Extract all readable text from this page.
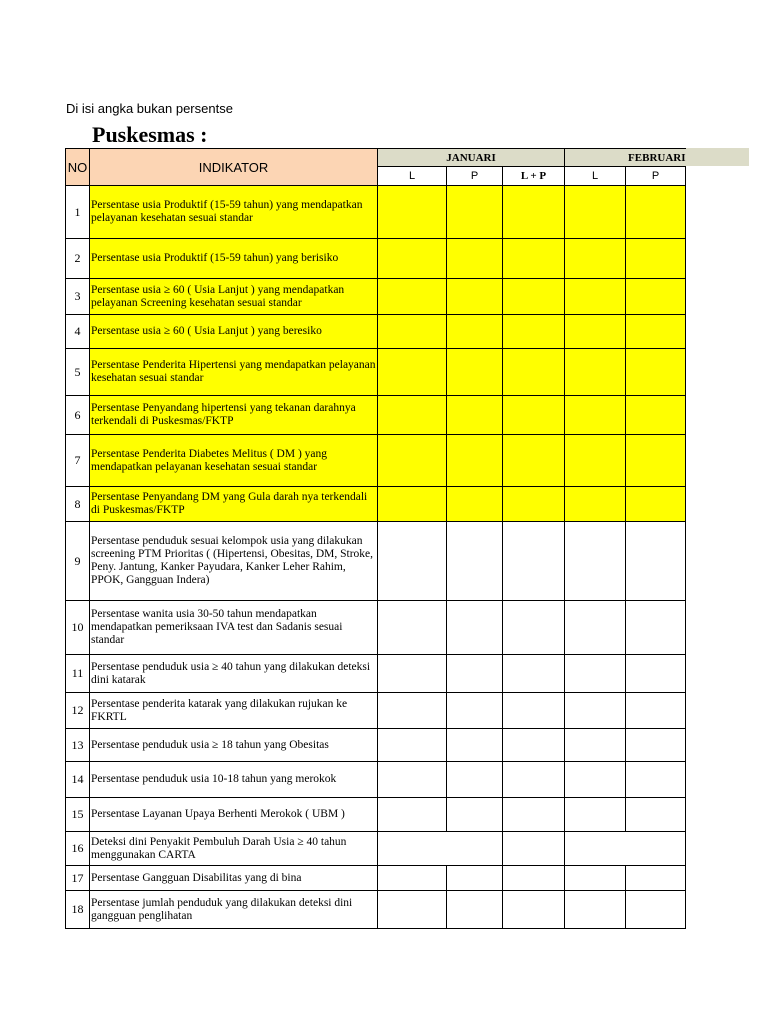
Di isi angka bukan persentse
Puskesmas :
NO	INDIKATOR	JANUARI			FEBRUARI	
		L	P	L + P	L	P
1	Persentase usia Produktif (15-59 tahun) yang mendapatkan pelayanan kesehatan sesuai standar					

2	Persentase usia Produktif (15-59 tahun) yang berisiko					

3	Persentase usia ≥ 60 ( Usia Lanjut ) yang mendapatkan pelayanan Screening kesehatan sesuai standar					

4	Persentase usia ≥ 60 ( Usia Lanjut ) yang beresiko					

5	Persentase Penderita Hipertensi yang mendapatkan pelayanan kesehatan sesuai standar					

6	Persentase Penyandang hipertensi yang tekanan darahnya terkendali di Puskesmas/FKTP					

7	Persentase Penderita Diabetes Melitus ( DM ) yang mendapatkan pelayanan kesehatan sesuai standar					

8	Persentase Penyandang DM yang Gula darah nya terkendali di Puskesmas/FKTP					

9	Persentase penduduk sesuai kelompok usia yang dilakukan screening PTM Prioritas ( (Hipertensi, Obesitas, DM, Stroke, Peny. Jantung, Kanker Payudara, Kanker Leher Rahim, PPOK, Gangguan Indera)					

10	Persentase wanita usia 30-50 tahun mendapatkan mendapatkan pemeriksaan IVA test dan Sadanis sesuai standar					

11	Persentase penduduk usia ≥ 40 tahun yang dilakukan deteksi dini katarak					

12	Persentase penderita katarak yang dilakukan rujukan ke FKRTL					

13	Persentase penduduk usia ≥ 18 tahun yang Obesitas					

14	Persentase penduduk usia 10-18 tahun yang merokok					

15	Persentase Layanan Upaya Berhenti Merokok ( UBM )					

16	Deteksi dini Penyakit Pembuluh Darah Usia ≥ 40 tahun menggunakan CARTA					

17	Persentase Gangguan Disabilitas yang di bina					

18	Persentase jumlah penduduk yang dilakukan deteksi dini gangguan penglihatan					
